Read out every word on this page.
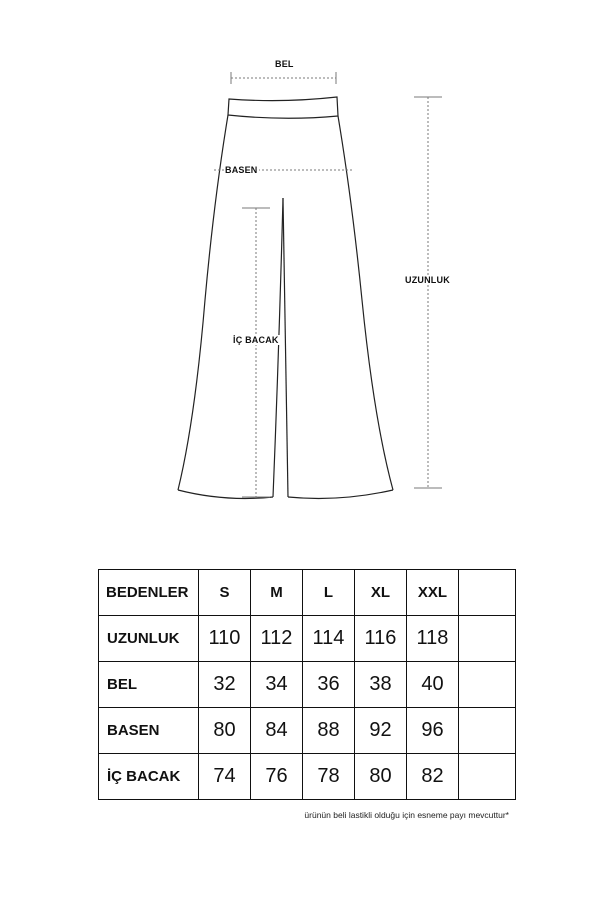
BEL
BASEN
İÇ BACAK
UZUNLUK
BEDENLER	S	M	L	XL	XXL	
UZUNLUK	110	112	114	116	118	
BEL	32	34	36	38	40	
BASEN	80	84	88	92	96	
İÇ BACAK	74	76	78	80	82	
ürünün beli lastikli olduğu için esneme payı mevcuttur*
